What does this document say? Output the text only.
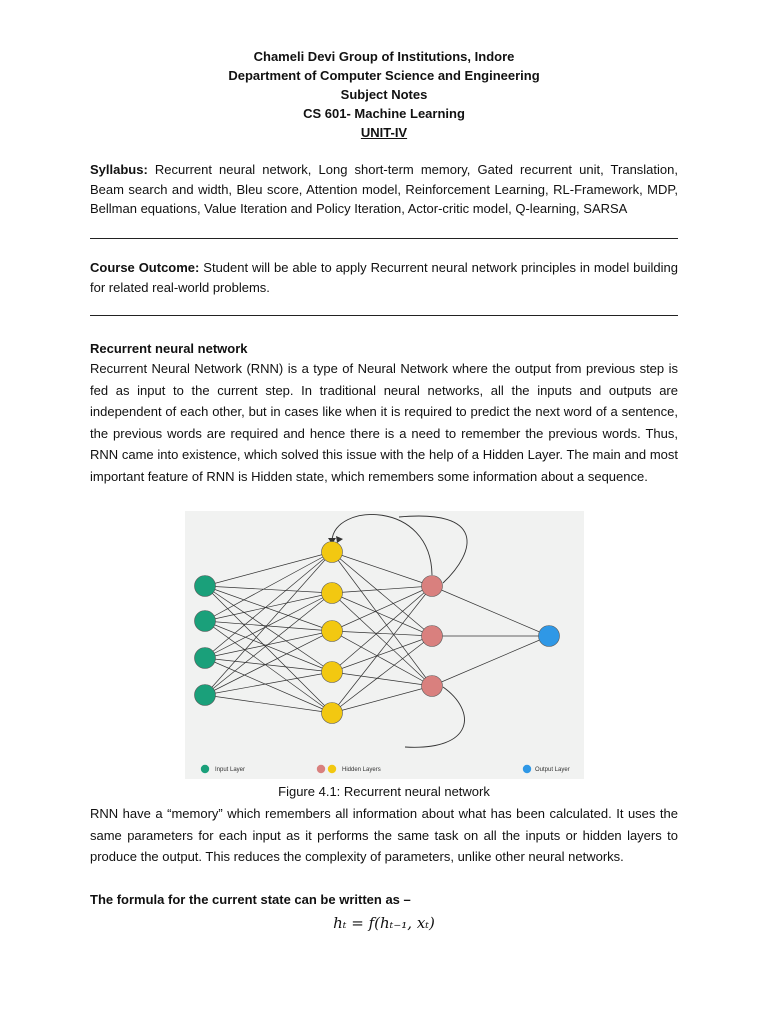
Chameli Devi Group of Institutions, Indore
Department of Computer Science and Engineering
Subject Notes
CS 601- Machine Learning
UNIT-IV
Syllabus: Recurrent neural network, Long short-term memory, Gated recurrent unit, Translation, Beam search and width, Bleu score, Attention model, Reinforcement Learning, RL-Framework, MDP, Bellman equations, Value Iteration and Policy Iteration, Actor-critic model, Q-learning, SARSA
Course Outcome: Student will be able to apply Recurrent neural network principles in model building for related real-world problems.
Recurrent neural network
Recurrent Neural Network (RNN) is a type of Neural Network where the output from previous step is fed as input to the current step. In traditional neural networks, all the inputs and outputs are independent of each other, but in cases like when it is required to predict the next word of a sentence, the previous words are required and hence there is a need to remember the previous words. Thus, RNN came into existence, which solved this issue with the help of a Hidden Layer. The main and most important feature of RNN is Hidden state, which remembers some information about a sequence.
Input Layer	Hidden Layers	Output Layer
Figure 4.1: Recurrent neural network
RNN have a “memory” which remembers all information about what has been calculated. It uses the same parameters for each input as it performs the same task on all the inputs or hidden layers to produce the output. This reduces the complexity of parameters, unlike other neural networks.
The formula for the current state can be written as –
hₜ = f(hₜ₋₁, xₜ)
